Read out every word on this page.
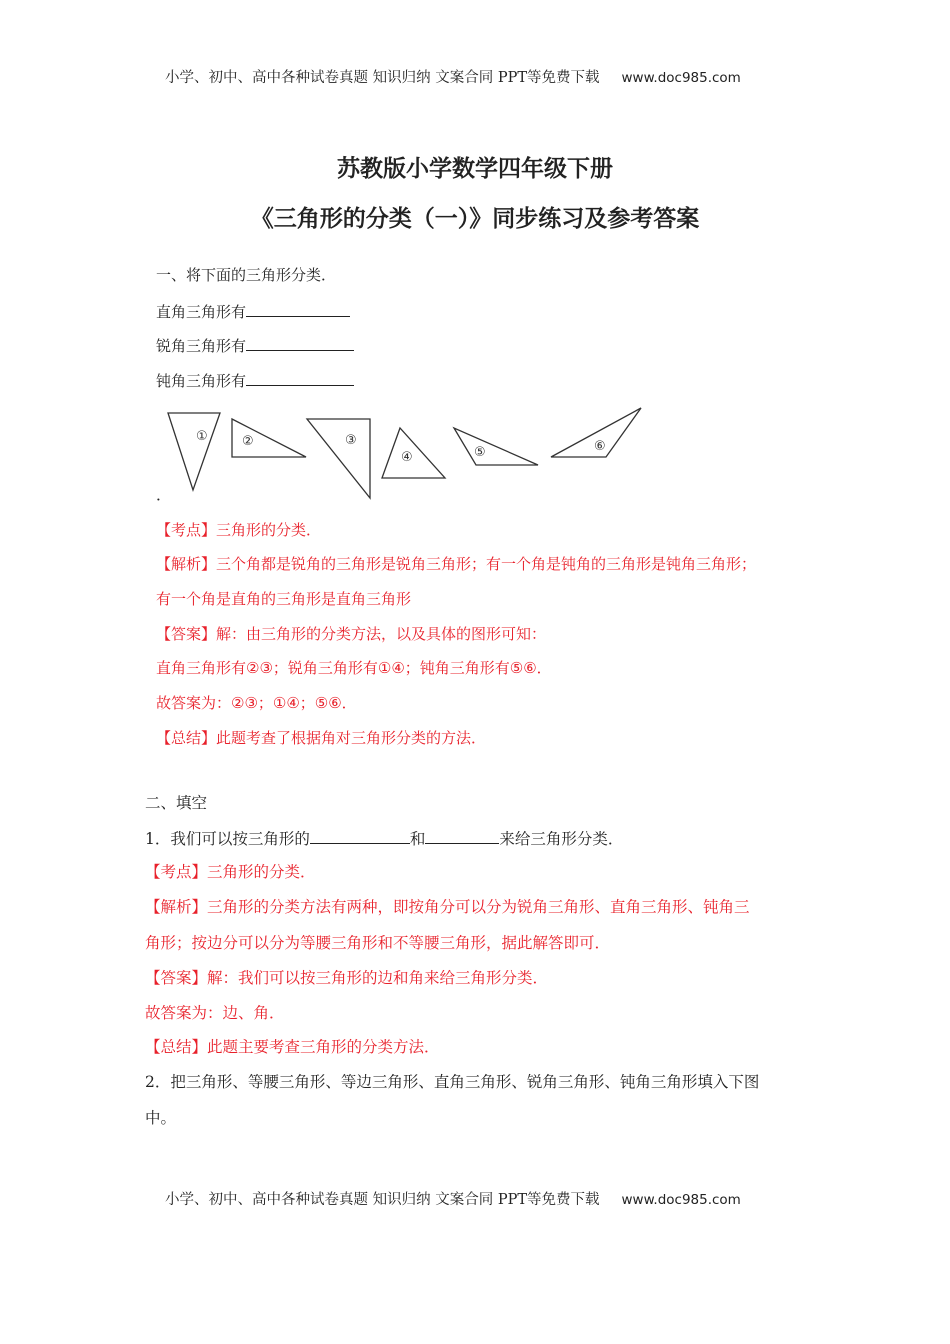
小学、初中、高中各种试卷真题 知识归纳 文案合同 PPT等免费下载 www.doc985.com
苏教版小学数学四年级下册
《三角形的分类（一）》同步练习及参考答案
一、将下面的三角形分类．
直角三角形有
锐角三角形有
钝角三角形有
①	②	③
④	⑤	⑥
．
【考点】三角形的分类．
【解析】三个角都是锐角的三角形是锐角三角形；有一个角是钝角的三角形是钝角三角形；
有一个角是直角的三角形是直角三角形
【答案】解：由三角形的分类方法，以及具体的图形可知：
直角三角形有②③；锐角三角形有①④；钝角三角形有⑤⑥．
故答案为：②③；①④；⑤⑥．
【总结】此题考查了根据角对三角形分类的方法．
二、填空
1．我们可以按三角形的	和	来给三角形分类．
【考点】三角形的分类．
【解析】三角形的分类方法有两种，即按角分可以分为锐角三角形、直角三角形、钝角三
角形；按边分可以分为等腰三角形和不等腰三角形，据此解答即可．
【答案】解：我们可以按三角形的边和角来给三角形分类．
故答案为：边、角．
【总结】此题主要考查三角形的分类方法．
2．把三角形、等腰三角形、等边三角形、直角三角形、锐角三角形、钝角三角形填入下图
中。
小学、初中、高中各种试卷真题 知识归纳 文案合同 PPT等免费下载 www.doc985.com
